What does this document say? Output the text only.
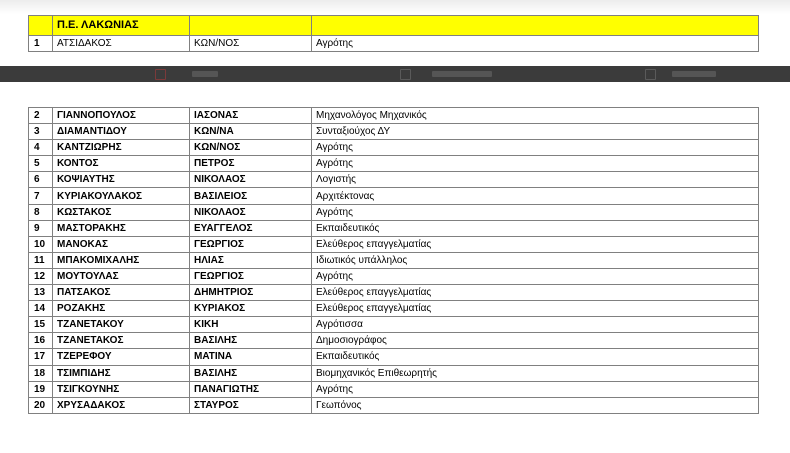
	Π.Ε. ΛΑΚΩΝΙΑΣ		
1	ΑΤΣΙΔΑΚΟΣ	ΚΩΝ/ΝΟΣ	Αγρότης
2	ΓΙΑΝΝΟΠΟΥΛΟΣ	ΙΑΣΟΝΑΣ	Μηχανολόγος Μηχανικός
3	ΔΙΑΜΑΝΤΙΔΟΥ	ΚΩΝ/ΝΑ	Συνταξιούχος ΔΥ
4	ΚΑΝΤΖΙΩΡΗΣ	ΚΩΝ/ΝΟΣ	Αγρότης
5	ΚΟΝΤΟΣ	ΠΕΤΡΟΣ	Αγρότης
6	ΚΟΨΙΑΥΤΗΣ	ΝΙΚΟΛΑΟΣ	Λογιστής
7	ΚΥΡΙΑΚΟΥΛΑΚΟΣ	ΒΑΣΙΛΕΙΟΣ	Αρχιτέκτονας
8	ΚΩΣΤΑΚΟΣ	ΝΙΚΟΛΑΟΣ	Αγρότης
9	ΜΑΣΤΟΡΑΚΗΣ	ΕΥΑΓΓΕΛΟΣ	Εκπαιδευτικός
10	ΜΑΝΟΚΑΣ	ΓΕΩΡΓΙΟΣ	Ελεύθερος επαγγελματίας
11	ΜΠΑΚΟΜΙΧΑΛΗΣ	ΗΛΙΑΣ	Ιδιωτικός υπάλληλος
12	ΜΟΥΤΟΥΛΑΣ	ΓΕΩΡΓΙΟΣ	Αγρότης
13	ΠΑΤΣΑΚΟΣ	ΔΗΜΗΤΡΙΟΣ	Ελεύθερος επαγγελματίας
14	ΡΟΖΑΚΗΣ	ΚΥΡΙΑΚΟΣ	Ελεύθερος επαγγελματίας
15	ΤΖΑΝΕΤΑΚΟΥ	ΚΙΚΗ	Αγρότισσα
16	ΤΖΑΝΕΤΑΚΟΣ	ΒΑΣΙΛΗΣ	Δημοσιογράφος
17	ΤΖΕΡΕΦΟΥ	ΜΑΤΙΝΑ	Εκπαιδευτικός
18	ΤΣΙΜΠΙΔΗΣ	ΒΑΣΙΛΗΣ	Βιομηχανικός Επιθεωρητής
19	ΤΣΙΓΚΟΥΝΗΣ	ΠΑΝΑΓΙΩΤΗΣ	Αγρότης
20	ΧΡΥΣΑΔΑΚΟΣ	ΣΤΑΥΡΟΣ	Γεωπόνος
